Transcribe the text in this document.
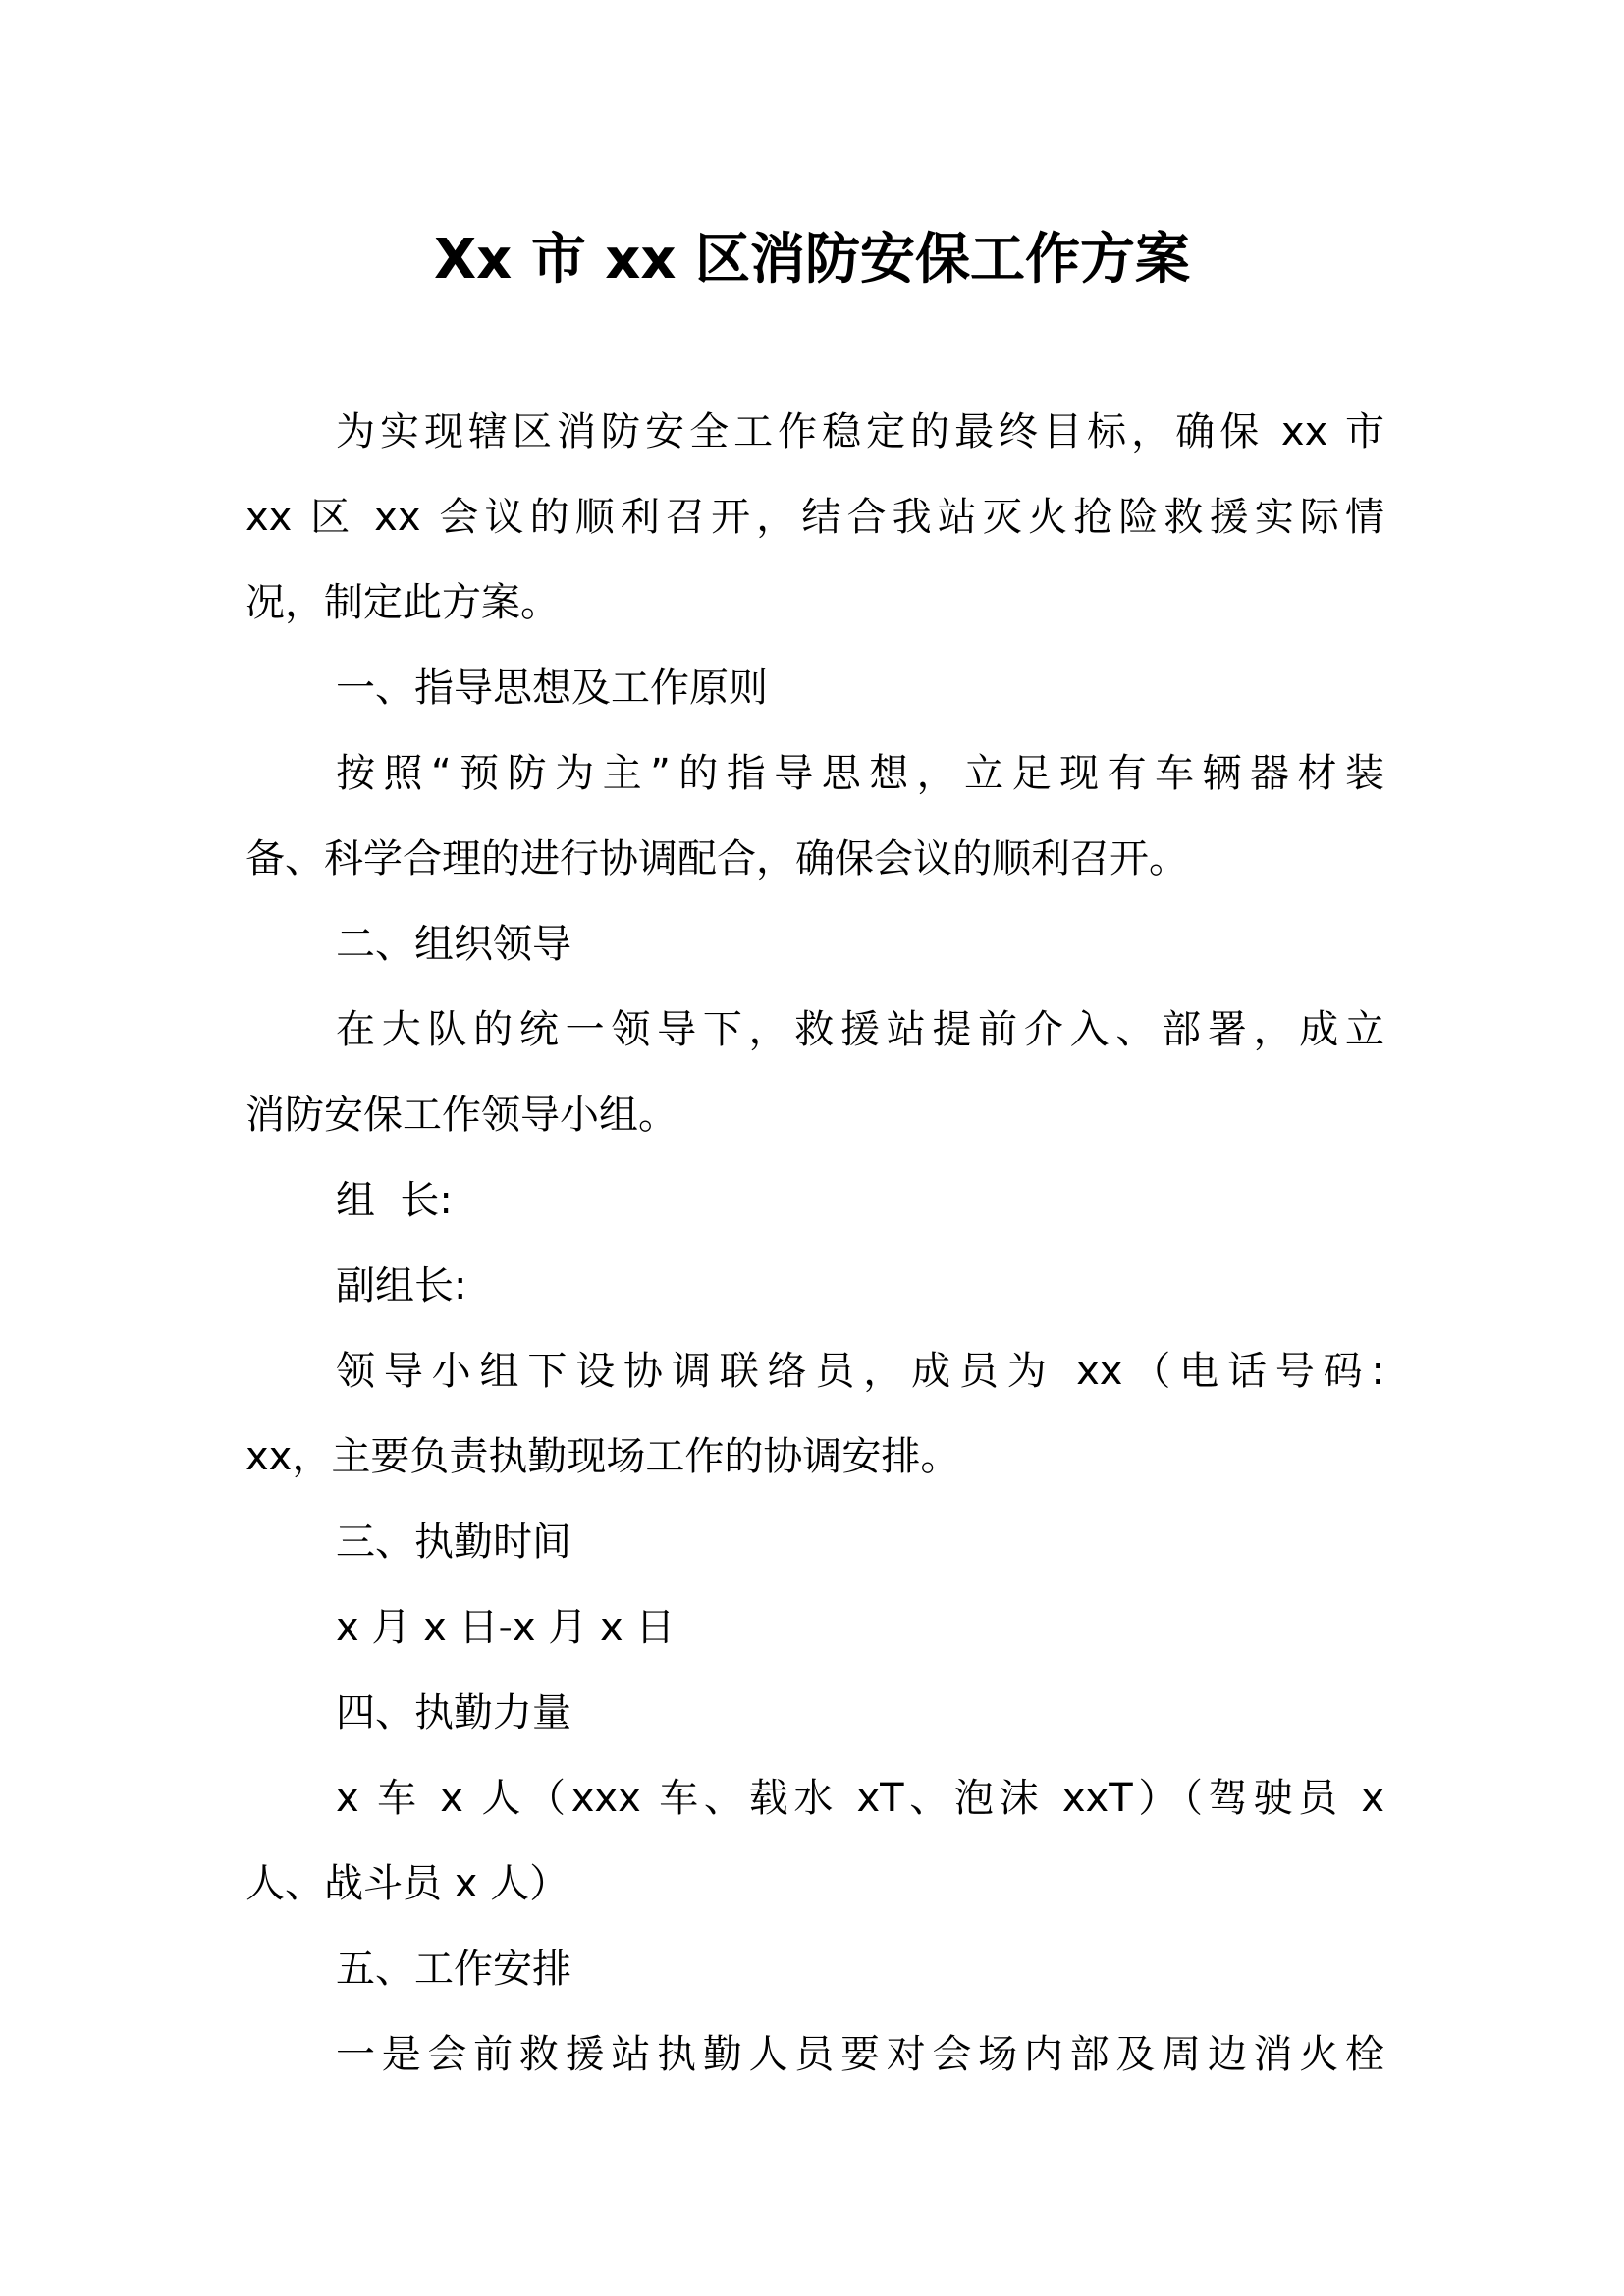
Xx 市 xx 区消防安保工作方案
为实现辖区消防安全工作稳定的最终目标，确保 xx 市
xx 区 xx 会议的顺利召开，结合我站灭火抢险救援实际情
况，制定此方案。
一、指导思想及工作原则
按照“预防为主”的指导思想，立足现有车辆器材装
备、科学合理的进行协调配合，确保会议的顺利召开。
二、组织领导
在大队的统一领导下，救援站提前介入、部署，成立
消防安保工作领导小组。
组  长:
副组长:
领导小组下设协调联络员，成员为 xx（电话号码:
xx，主要负责执勤现场工作的协调安排。
三、执勤时间
x 月 x 日-x 月 x 日
四、执勤力量
x 车 x 人（xxx 车、载水 xT、泡沫 xxT）（驾驶员 x
人、战斗员 x 人）
五、工作安排
一是会前救援站执勤人员要对会场内部及周边消火栓
